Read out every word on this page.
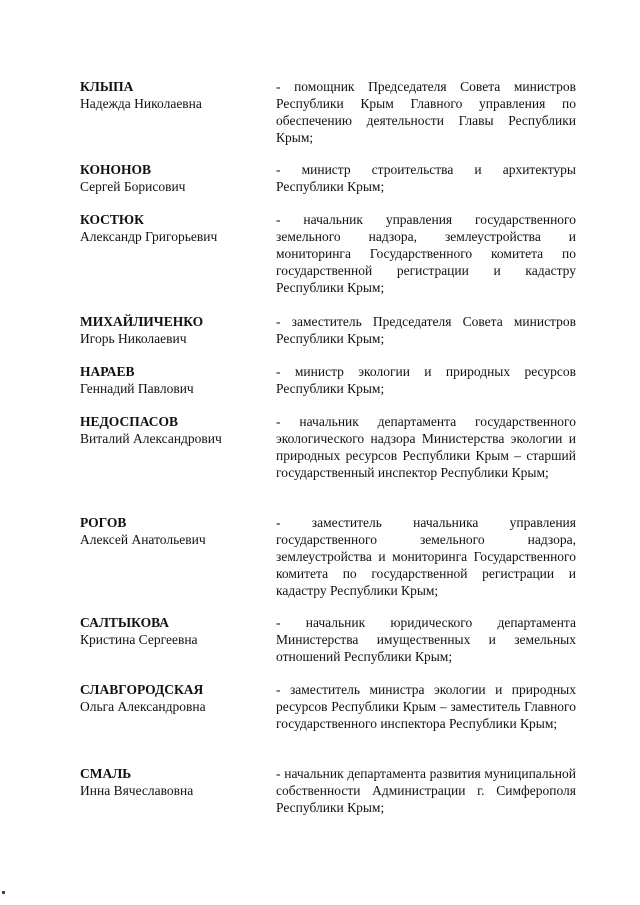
КЛЫПА
Надежда Николаевна
- помощник Председателя Совета министров Республики Крым Главного управления по обеспечению деятельности Главы Республики Крым;
КОНОНОВ
Сергей Борисович
- министр строительства и архитектуры Республики Крым;
КОСТЮК
Александр Григорьевич
- начальник управления государственного земельного надзора, землеустройства и мониторинга Государственного комитета по государственной регистрации и кадастру Республики Крым;
МИХАЙЛИЧЕНКО
Игорь Николаевич
- заместитель Председателя Совета министров Республики Крым;
НАРАЕВ
Геннадий Павлович
- министр экологии и природных ресурсов Республики Крым;
НЕДОСПАСОВ
Виталий Александрович
- начальник департамента государственного экологического надзора Министерства экологии и природных ресурсов Республики Крым – старший государственный инспектор Республики Крым;
РОГОВ
Алексей Анатольевич
- заместитель начальника управления государственного земельного надзора, землеустройства и мониторинга Государственного комитета по государственной регистрации и кадастру Республики Крым;
САЛТЫКОВА
Кристина Сергеевна
- начальник юридического департамента Министерства имущественных и земельных отношений Республики Крым;
СЛАВГОРОДСКАЯ
Ольга Александровна
- заместитель министра экологии и природных ресурсов Республики Крым – заместитель Главного государственного инспектора Республики Крым;
СМАЛЬ
Инна Вячеславовна
- начальник департамента развития муниципальной собственности Администрации г. Симферополя Республики Крым;
